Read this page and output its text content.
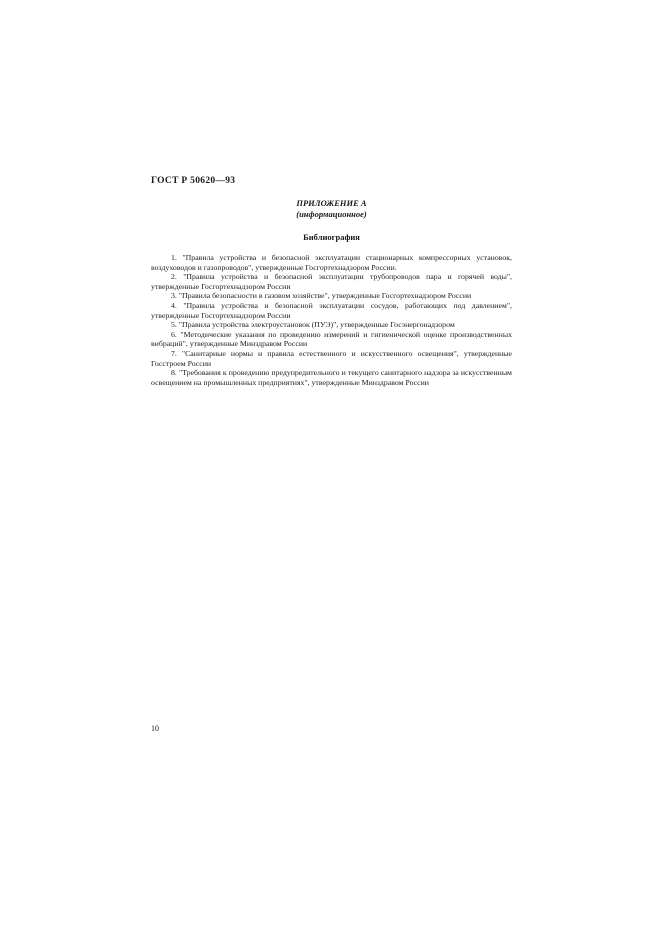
ГОСТ Р 50620—93
ПРИЛОЖЕНИЕ А
(информационное)
Библиография
1. "Правила устройства и безопасной эксплуатации стационарных компрессорных установок, воздуховодов и газопроводов", утвержденные Госгортехнадзором России.
2. "Правила устройства и безопасной эксплуатации трубопроводов пара и горячей воды", утвержденные Госгортехнадзором России
3. "Правила безопасности в газовом хозяйстве", утвержденные Госгортехнадзором России
4. "Правила устройства и безопасной эксплуатации сосудов, работающих под давлением", утвержденные Госгортехнадзором России
5. "Правила устройства электроустановок (ПУЭ)", утвержденные Госэнергонадзором
6. "Методические указания по проведению измерений и гигиенической оценке производственных вибраций", утвержденные Минздравом России
7. "Санитарные нормы и правила естественного и искусственного освещения", утвержденные Госстроем России
8. "Требования к проведению предупредительного и текущего санитарного надзора за искусственным освещением на промышленных предприятиях", утвержденные Минздравом России
10
